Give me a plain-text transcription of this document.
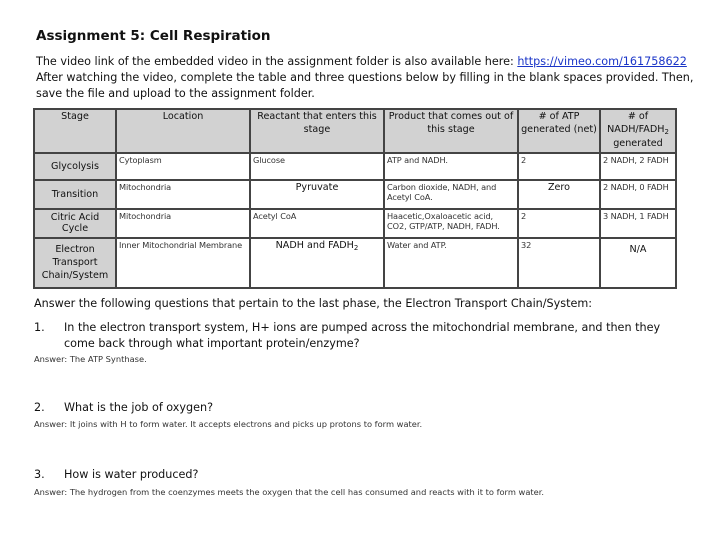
Assignment 5: Cell Respiration
The video link of the embedded video in the assignment folder is also available here: https://vimeo.com/161758622
After watching the video, complete the table and three questions below by filling in the blank spaces provided. Then, save the file and upload to the assignment folder.
Stage	Location	Reactant that enters this stage	Product that comes out of this stage	# of ATP generated (net)	# of NADH/$FADH_2$
generated
Glycolysis	Cytoplasm	Glucose	ATP and NADH.	2	2 NADH, 2 FADH
Transition	Mitochondria	Pyruvate	Carbon dioxide, NADH, and Acetyl CoA.	Zero	2 NADH, 0 FADH
Citric Acid Cycle	Mitochondria	Acetyl CoA	Haacetic,Oxaloacetic acid, CO2, GTP/ATP, NADH, FADH.	2	3 NADH, 1 FADH
Electron Transport Chain/System	Inner Mitochondrial Membrane	NADH and $FADH_2$	Water and ATP.	32	N/A
Answer the following questions that pertain to the last phase, the Electron Transport Chain/System:
1. In the electron transport system, H+ ions are pumped across the mitochondrial membrane, and then they come back through what important protein/enzyme?
Answer: The ATP Synthase.
2. What is the job of oxygen?
Answer: It joins with H to form water. It accepts electrons and picks up protons to form water.
3. How is water produced?
Answer: The hydrogen from the coenzymes meets the oxygen that the cell has consumed and reacts with it to form water.
